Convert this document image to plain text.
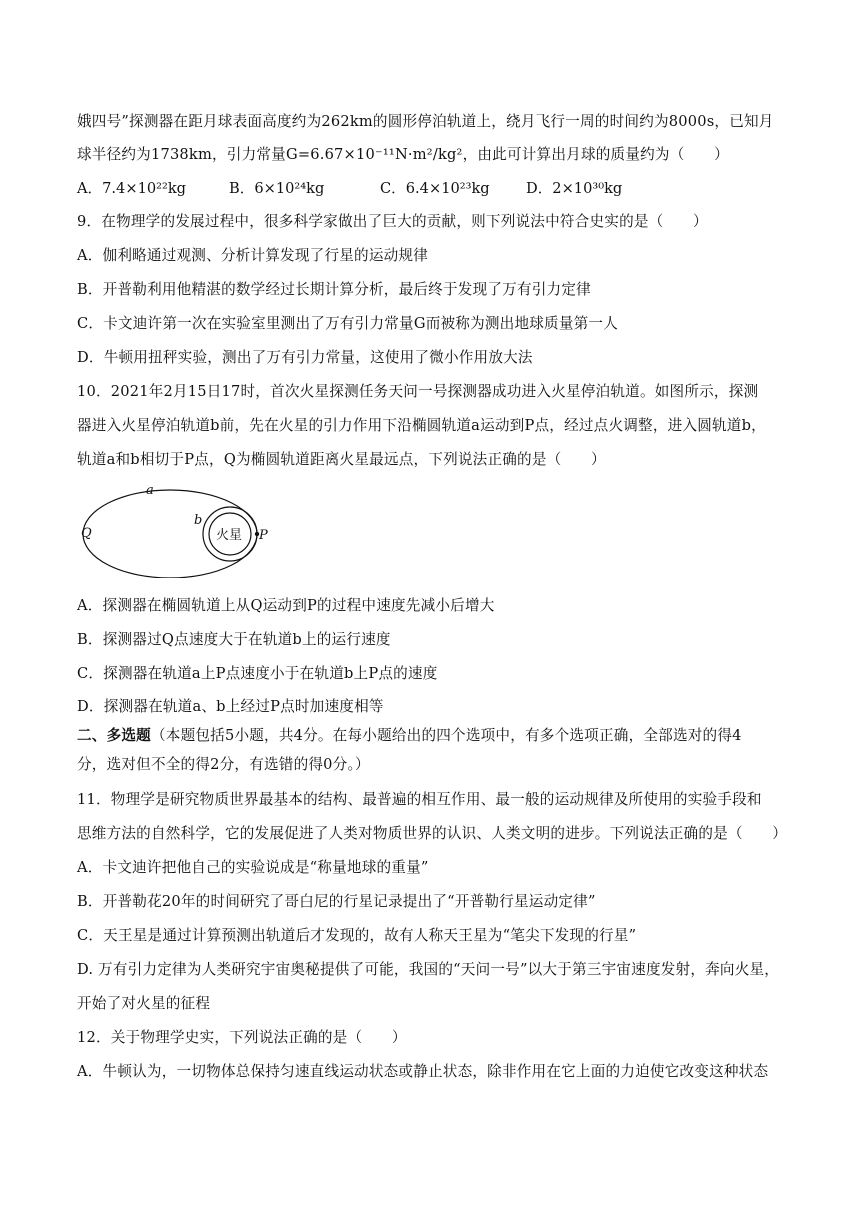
娥四号”探测器在距月球表面高度约为262km的圆形停泊轨道上，绕月飞行一周的时间约为8000s，已知月
球半径约为1738km，引力常量G=6.67×10⁻¹¹N·m²/kg²，由此可计算出月球的质量约为（　　）
A．7.4×10²²kg	B．6×10²⁴kg	C．6.4×10²³kg D．2×10³⁰kg
9．在物理学的发展过程中，很多科学家做出了巨大的贡献，则下列说法中符合史实的是（　　）
A．伽利略通过观测、分析计算发现了行星的运动规律
B．开普勒利用他精湛的数学经过长期计算分析，最后终于发现了万有引力定律
C．卡文迪许第一次在实验室里测出了万有引力常量G而被称为测出地球质量第一人
D．牛顿用扭秤实验，测出了万有引力常量，这使用了微小作用放大法
10．2021年2月15日17时，首次火星探测任务天问一号探测器成功进入火星停泊轨道。如图所示，探测
器进入火星停泊轨道b前，先在火星的引力作用下沿椭圆轨道a运动到P点，经过点火调整，进入圆轨道b，
轨道a和b相切于P点，Q为椭圆轨道距离火星最远点，下列说法正确的是（　　）
火星 P
Q
a
b
A．探测器在椭圆轨道上从Q运动到P的过程中速度先减小后增大
B．探测器过Q点速度大于在轨道b上的运行速度
C．探测器在轨道a上P点速度小于在轨道b上P点的速度
D．探测器在轨道a、b上经过P点时加速度相等
二、多选题（本题包括5小题，共4分。在每小题给出的四个选项中，有多个选项正确，全部选对的得4
分，选对但不全的得2分，有选错的得0分。）
11．物理学是研究物质世界最基本的结构、最普遍的相互作用、最一般的运动规律及所使用的实验手段和
思维方法的自然科学，它的发展促进了人类对物质世界的认识、人类文明的进步。下列说法正确的是（　　）
A．卡文迪许把他自己的实验说成是“称量地球的重量”
B．开普勒花20年的时间研究了哥白尼的行星记录提出了“开普勒行星运动定律”
C．天王星是通过计算预测出轨道后才发现的，故有人称天王星为“笔尖下发现的行星”
D. 万有引力定律为人类研究宇宙奥秘提供了可能，我国的“天问一号”以大于第三宇宙速度发射，奔向火星，
开始了对火星的征程
12．关于物理学史实，下列说法正确的是（　　）
A．牛顿认为，一切物体总保持匀速直线运动状态或静止状态，除非作用在它上面的力迫使它改变这种状态
